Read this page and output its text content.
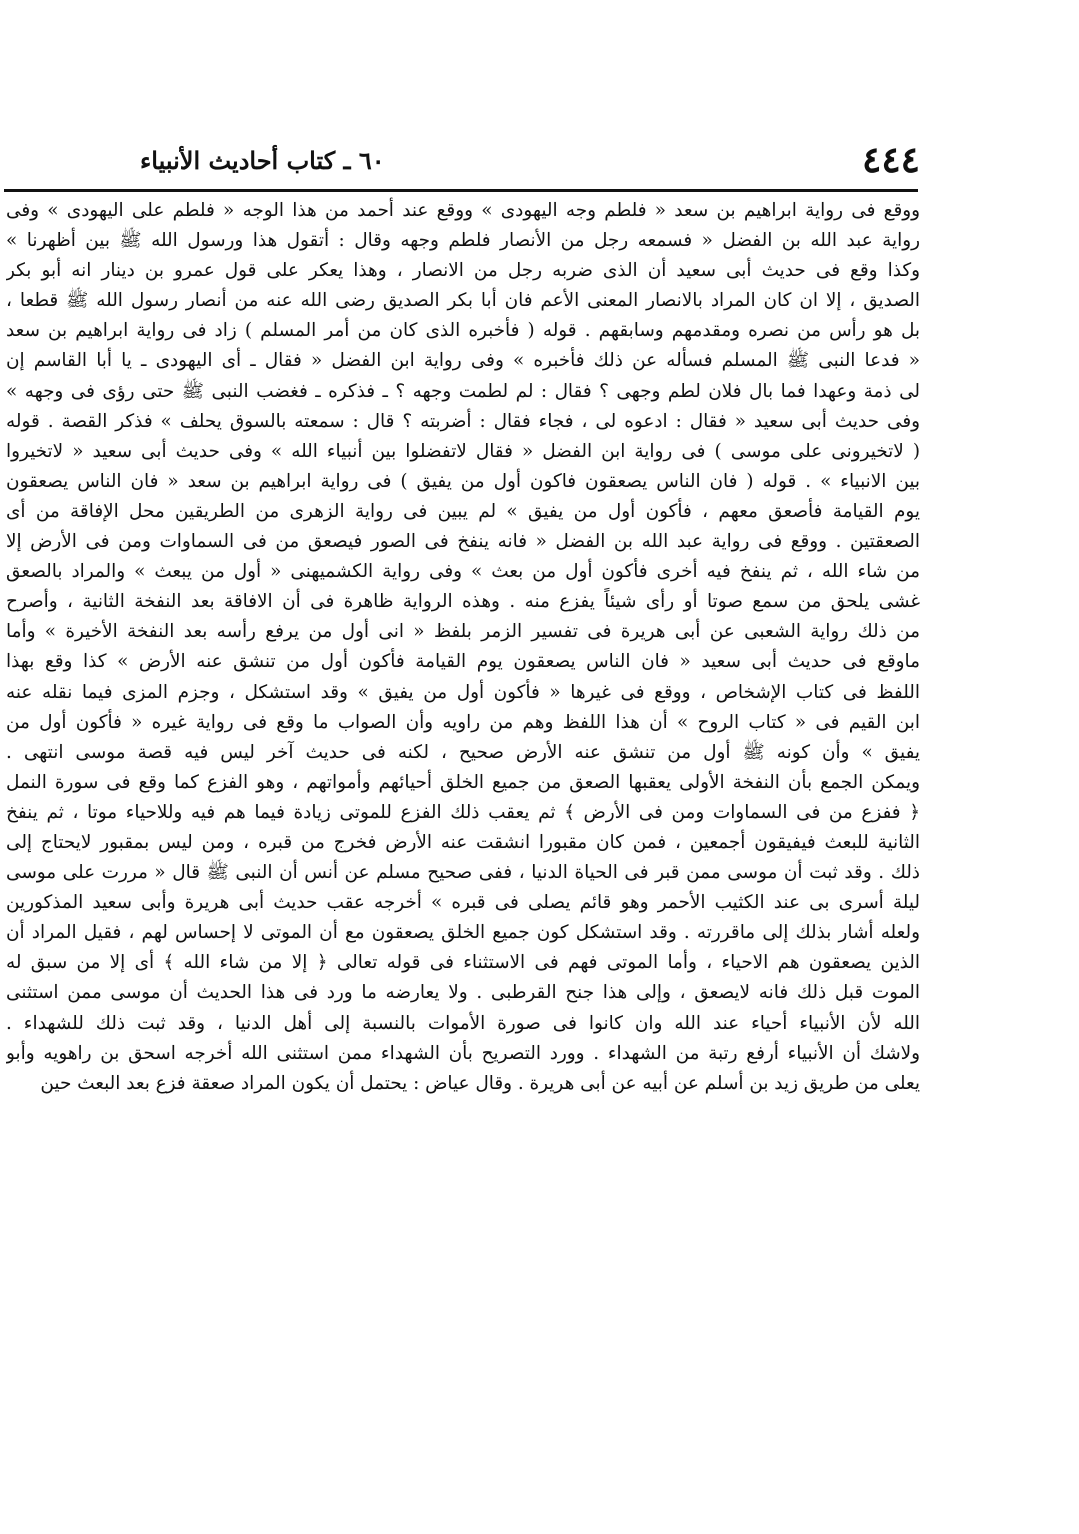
٤٤٤
٦٠ ـ كتاب أحاديث الأنبياء
ووقع فى رواية ابراهيم بن سعد « فلطم وجه اليهودى » ووقع عند أحمد من هذا الوجه « فلطم على اليهودى » وفى
رواية عبد الله بن الفضل « فسمعه رجل من الأنصار فلطم وجهه وقال : أتقول هذا ورسول الله ﷺ بين أظهرنا »
وكذا وقع فى حديث أبى سعيد أن الذى ضربه رجل من الانصار ، وهذا يعكر على قول عمرو بن دينار انه أبو بكر
الصديق ، إلا ان كان المراد بالانصار المعنى الأعم فان أبا بكر الصديق رضى الله عنه من أنصار رسول الله ﷺ قطعا ،
بل هو رأس من نصره ومقدمهم وسابقهم . قوله ( فأخبره الذى كان من أمر المسلم ) زاد فى رواية ابراهيم بن سعد
« فدعا النبى ﷺ المسلم فسأله عن ذلك فأخبره » وفى رواية ابن الفضل « فقال ـ أى اليهودى ـ يا أبا القاسم إن
لى ذمة وعهدا فما بال فلان لطم وجهى ؟ فقال : لم لطمت وجهه ؟ ـ فذكره ـ فغضب النبى ﷺ حتى رؤى فى وجهه »
وفى حديث أبى سعيد « فقال : ادعوه لى ، فجاء فقال : أضربته ؟ قال : سمعته بالسوق يحلف » فذكر القصة . قوله
( لاتخيرونى على موسى ) فى رواية ابن الفضل « فقال لاتفضلوا بين أنبياء الله » وفى حديث أبى سعيد « لاتخيروا
بين الانبياء » . قوله ( فان الناس يصعقون فاكون أول من يفيق ) فى رواية ابراهيم بن سعد « فان الناس يصعقون
يوم القيامة فأصعق معهم ، فأكون أول من يفيق » لم يبين فى رواية الزهرى من الطريقين محل الإفاقة من أى
الصعقتين . ووقع فى رواية عبد الله بن الفضل « فانه ينفخ فى الصور فيصعق من فى السماوات ومن فى الأرض إلا
من شاء الله ، ثم ينفخ فيه أخرى فأكون أول من بعث » وفى رواية الكشميهنى « أول من يبعث » والمراد بالصعق
غشى يلحق من سمع صوتا أو رأى شيئاً يفزع منه . وهذه الرواية ظاهرة فى أن الافاقة بعد النفخة الثانية ، وأصرح
من ذلك رواية الشعبى عن أبى هريرة فى تفسير الزمر بلفظ « انى أول من يرفع رأسه بعد النفخة الأخيرة » وأما
ماوقع فى حديث أبى سعيد « فان الناس يصعقون يوم القيامة فأكون أول من تنشق عنه الأرض » كذا وقع بهذا
اللفظ فى كتاب الإشخاص ، ووقع فى غيرها « فأكون أول من يفيق » وقد استشكل ، وجزم المزى فيما نقله عنه
ابن القيم فى « كتاب الروح » أن هذا اللفظ وهم من راويه وأن الصواب ما وقع فى رواية غيره « فأكون أول من
يفيق » وأن كونه ﷺ أول من تنشق عنه الأرض صحيح ، لكنه فى حديث آخر ليس فيه قصة موسى انتهى .
ويمكن الجمع بأن النفخة الأولى يعقبها الصعق من جميع الخلق أحيائهم وأمواتهم ، وهو الفزع كما وقع فى سورة النمل
﴿ ففزع من فى السماوات ومن فى الأرض ﴾ ثم يعقب ذلك الفزع للموتى زيادة فيما هم فيه وللاحياء موتا ، ثم ينفخ
الثانية للبعث فيفيقون أجمعين ، فمن كان مقبورا انشقت عنه الأرض فخرج من قبره ، ومن ليس بمقبور لايحتاج إلى
ذلك . وقد ثبت أن موسى ممن قبر فى الحياة الدنيا ، ففى صحيح مسلم عن أنس أن النبى ﷺ قال « مررت على موسى
ليلة أسرى بى عند الكثيب الأحمر وهو قائم يصلى فى قبره » أخرجه عقب حديث أبى هريرة وأبى سعيد المذكورين
ولعله أشار بذلك إلى ماقررته . وقد استشكل كون جميع الخلق يصعقون مع أن الموتى لا إحساس لهم ، فقيل المراد أن
الذين يصعقون هم الاحياء ، وأما الموتى فهم فى الاستثناء فى قوله تعالى ﴿ إلا من شاء الله ﴾ أى إلا من سبق له
الموت قبل ذلك فانه لايصعق ، وإلى هذا جنح القرطبى . ولا يعارضه ما ورد فى هذا الحديث أن موسى ممن استثنى
الله لأن الأنبياء أحياء عند الله وان كانوا فى صورة الأموات بالنسبة إلى أهل الدنيا ، وقد ثبت ذلك للشهداء .
ولاشك أن الأنبياء أرفع رتبة من الشهداء . وورد التصريح بأن الشهداء ممن استثنى الله أخرجه اسحق بن راهويه وأبو
يعلى من طريق زيد بن أسلم عن أبيه عن أبى هريرة . وقال عياض : يحتمل أن يكون المراد صعقة فزع بعد البعث حين
